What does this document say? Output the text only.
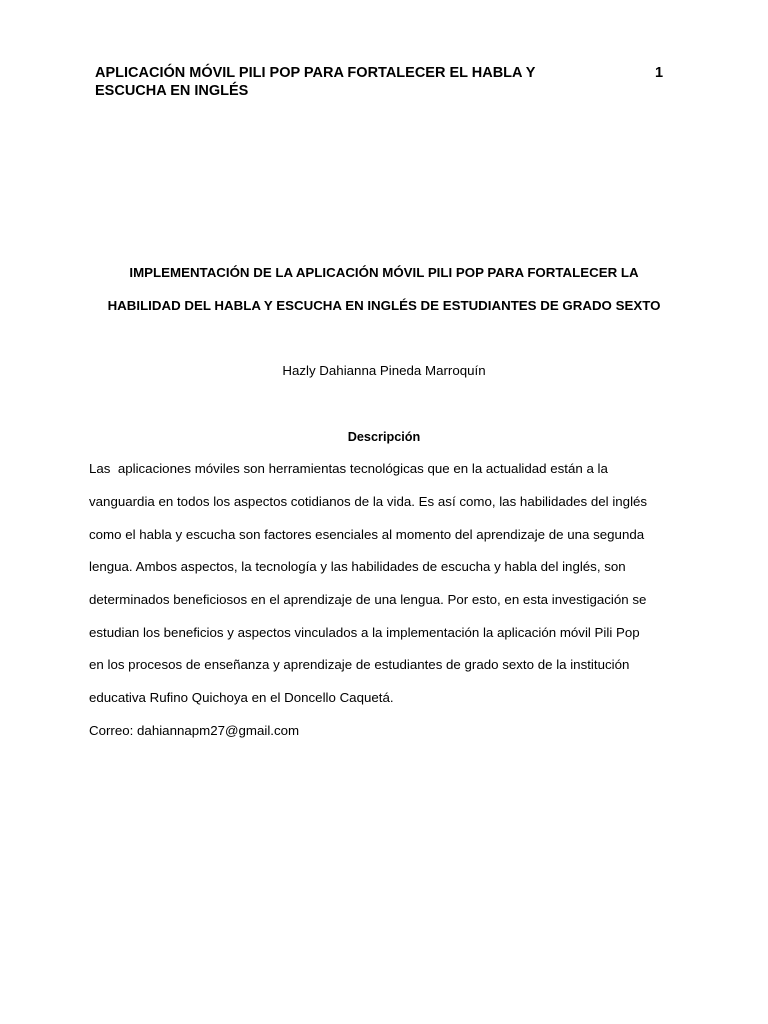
APLICACIÓN MÓVIL PILI POP PARA FORTALECER EL HABLA Y ESCUCHA EN INGLÉS
1
IMPLEMENTACIÓN DE LA APLICACIÓN MÓVIL PILI POP PARA FORTALECER LA
HABILIDAD DEL HABLA Y ESCUCHA EN INGLÉS DE ESTUDIANTES DE GRADO SEXTO
Hazly Dahianna Pineda Marroquín
Descripción
Las  aplicaciones móviles son herramientas tecnológicas que en la actualidad están a la
vanguardia en todos los aspectos cotidianos de la vida. Es así como, las habilidades del inglés
como el habla y escucha son factores esenciales al momento del aprendizaje de una segunda
lengua. Ambos aspectos, la tecnología y las habilidades de escucha y habla del inglés, son
determinados beneficiosos en el aprendizaje de una lengua. Por esto, en esta investigación se
estudian los beneficios y aspectos vinculados a la implementación la aplicación móvil Pili Pop
en los procesos de enseñanza y aprendizaje de estudiantes de grado sexto de la institución
educativa Rufino Quichoya en el Doncello Caquetá.
Correo: dahiannapm27@gmail.com
